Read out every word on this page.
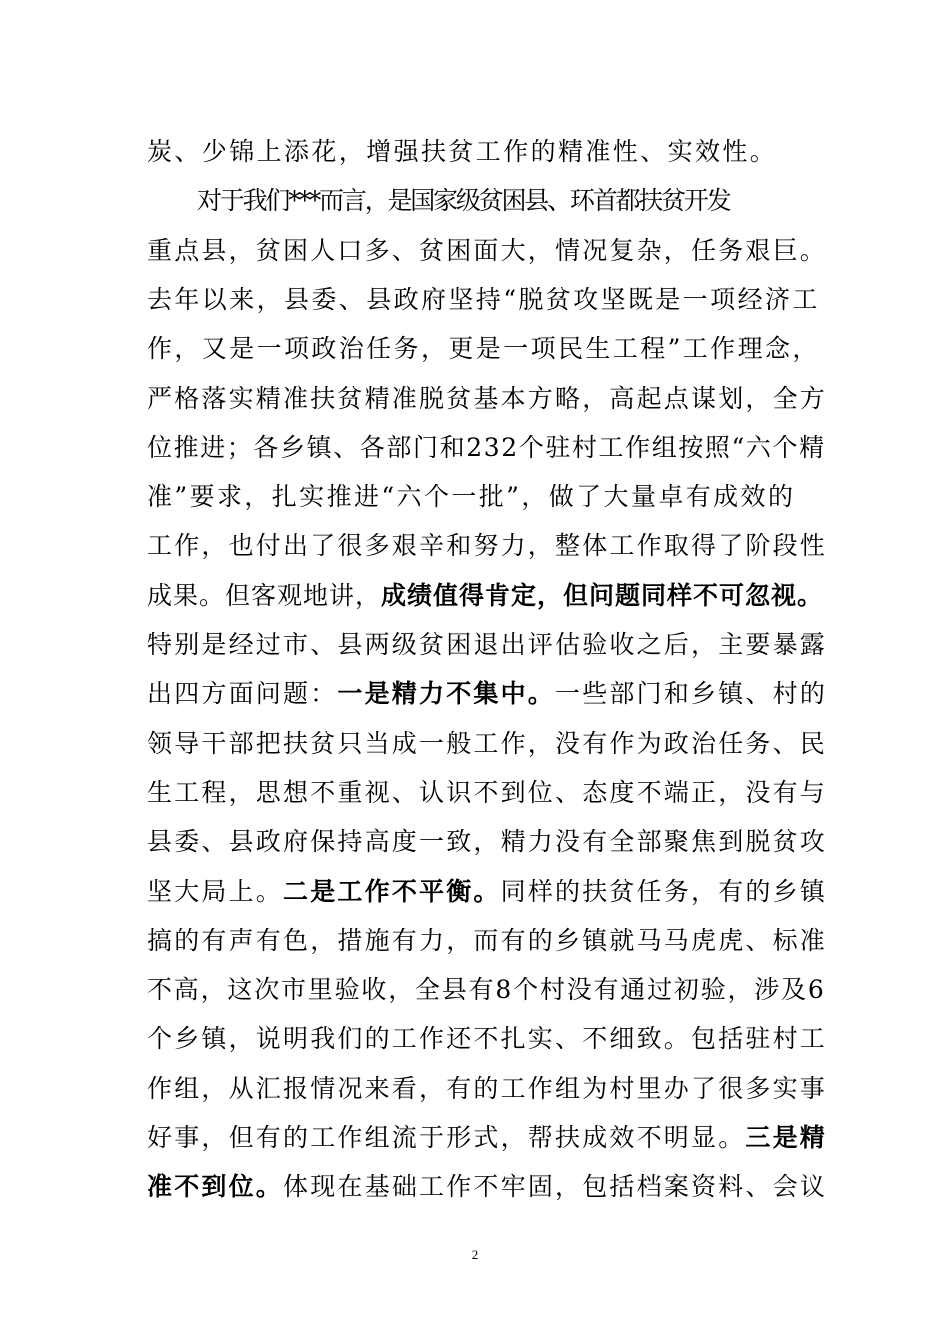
炭、少锦上添花，增强扶贫工作的精准性、实效性。
对于我们***而言，是国家级贫困县、环首都扶贫开发
重点县，贫困人口多、贫困面大，情况复杂，任务艰巨。
去年以来，县委、县政府坚持“脱贫攻坚既是一项经济工
作，又是一项政治任务，更是一项民生工程”工作理念，
严格落实精准扶贫精准脱贫基本方略，高起点谋划，全方
位推进；各乡镇、各部门和232个驻村工作组按照“六个精
准”要求，扎实推进“六个一批”，做了大量卓有成效的
工作，也付出了很多艰辛和努力，整体工作取得了阶段性
成果。但客观地讲，成绩值得肯定，但问题同样不可忽视。
特别是经过市、县两级贫困退出评估验收之后，主要暴露
出四方面问题：一是精力不集中。一些部门和乡镇、村的
领导干部把扶贫只当成一般工作，没有作为政治任务、民
生工程，思想不重视、认识不到位、态度不端正，没有与
县委、县政府保持高度一致，精力没有全部聚焦到脱贫攻
坚大局上。二是工作不平衡。同样的扶贫任务，有的乡镇
搞的有声有色，措施有力，而有的乡镇就马马虎虎、标准
不高，这次市里验收，全县有8个村没有通过初验，涉及6
个乡镇，说明我们的工作还不扎实、不细致。包括驻村工
作组，从汇报情况来看，有的工作组为村里办了很多实事
好事，但有的工作组流于形式，帮扶成效不明显。三是精
准不到位。体现在基础工作不牢固，包括档案资料、会议
2
